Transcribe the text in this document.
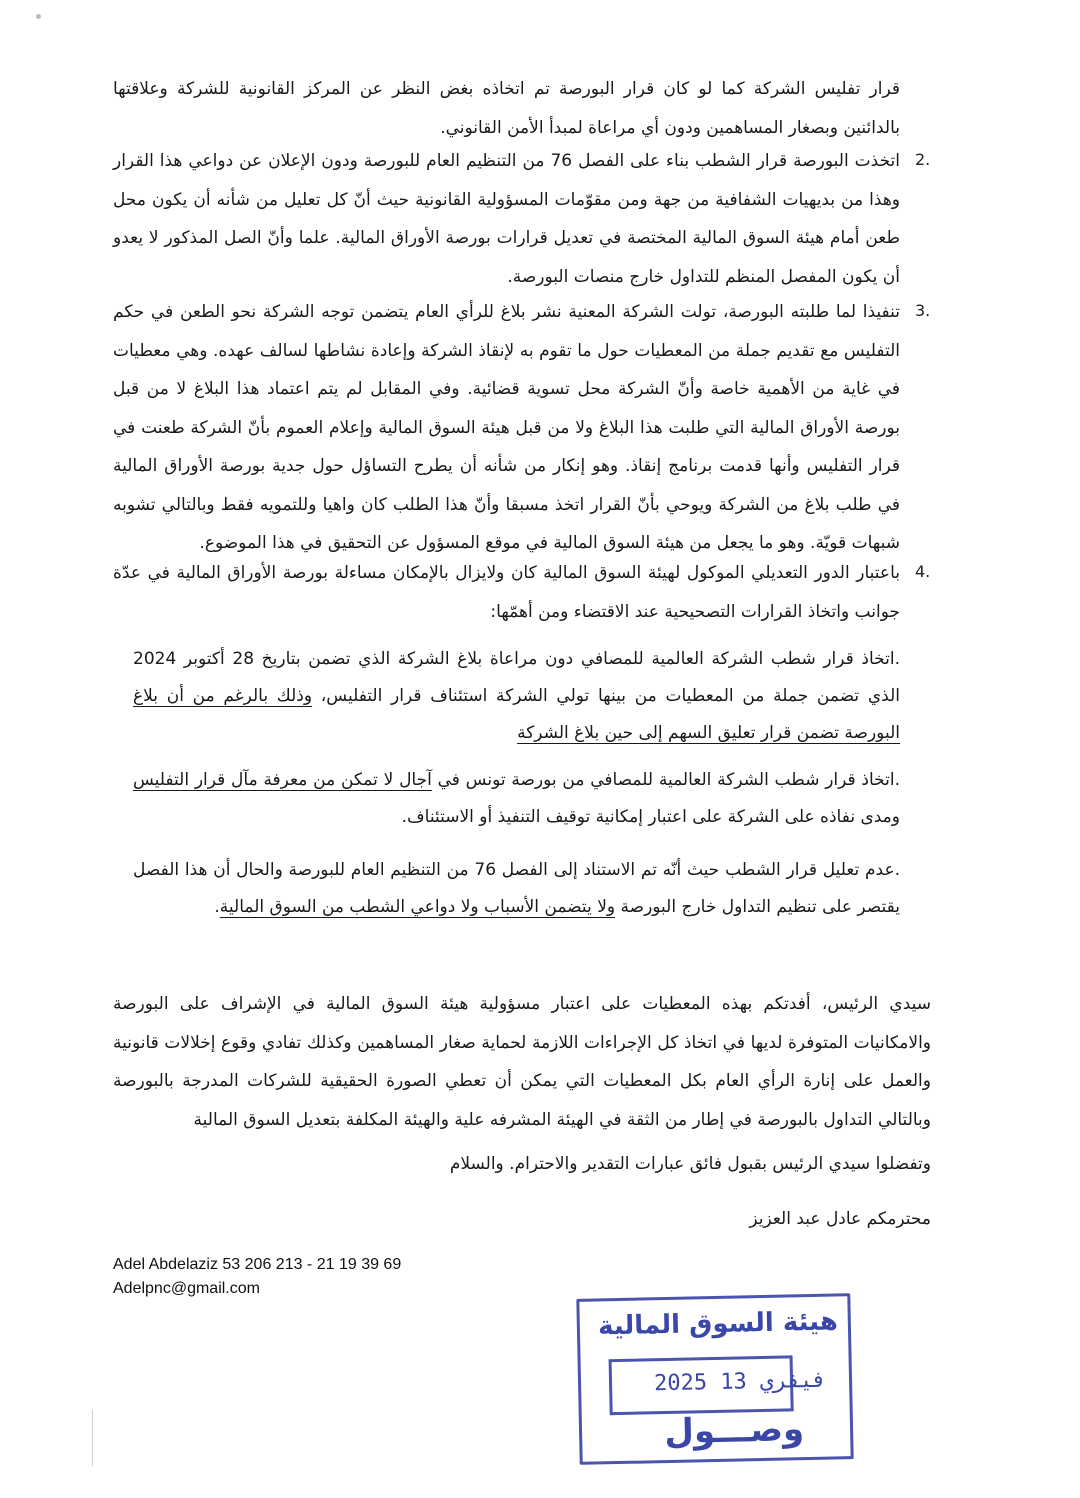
قرار تفليس الشركة كما لو كان قرار البورصة تم اتخاذه بغض النظر عن المركز القانونية للشركة وعلاقتها بالدائنين وبصغار المساهمين ودون أي مراعاة لمبدأ الأمن القانوني.

2.

اتخذت البورصة قرار الشطب بناء على الفصل 76 من التنظيم العام للبورصة ودون الإعلان عن دواعي هذا القرار وهذا من بديهيات الشفافية من جهة ومن مقوّمات المسؤولية القانونية حيث أنّ كل تعليل من شأنه أن يكون محل طعن أمام هيئة السوق المالية المختصة في تعديل قرارات بورصة الأوراق المالية. علما وأنّ الصل المذكور لا يعدو أن يكون المفصل المنظم للتداول خارج منصات البورصة.

3.

تنفيذا لما طلبته البورصة، تولت الشركة المعنية نشر بلاغ للرأي العام يتضمن توجه الشركة نحو الطعن في حكم التفليس مع تقديم جملة من المعطيات حول ما تقوم به لإنقاذ الشركة وإعادة نشاطها لسالف عهده. وهي معطيات في غاية من الأهمية خاصة وأنّ الشركة محل تسوية قضائية. وفي المقابل لم يتم اعتماد هذا البلاغ لا من قبل بورصة الأوراق المالية التي طلبت هذا البلاغ ولا من قبل هيئة السوق المالية وإعلام العموم بأنّ الشركة طعنت في قرار التفليس وأنها قدمت برنامج إنقاذ. وهو إنكار من شأنه أن يطرح التساؤل حول جدية بورصة الأوراق المالية في طلب بلاغ من الشركة ويوحي بأنّ القرار اتخذ مسبقا وأنّ هذا الطلب كان واهيا وللتمويه فقط وبالتالي تشوبه شبهات قويّة. وهو ما يجعل من هيئة السوق المالية في موقع المسؤول عن التحقيق في هذا الموضوع.

4.

باعتبار الدور التعديلي الموكول لهيئة السوق المالية كان ولايزال بالإمكان مساءلة بورصة الأوراق المالية في عدّة جوانب واتخاذ القرارات التصحيحية عند الاقتضاء ومن أهمّها:

.اتخاذ قرار شطب الشركة العالمية للمصافي دون مراعاة بلاغ الشركة الذي تضمن بتاريخ 28 أكتوبر 2024 الذي تضمن جملة من المعطيات من بينها تولي الشركة استئناف قرار التفليس، وذلك بالرغم من أن بلاغ البورصة تضمن قرار تعليق السهم إلى حين بلاغ الشركة

.اتخاذ قرار شطب الشركة العالمية للمصافي من بورصة تونس في آجال لا تمكن من معرفة مآل قرار التفليس ومدى نفاذه على الشركة على اعتبار إمكانية توقيف التنفيذ أو الاستئناف.

.عدم تعليل قرار الشطب حيث أنّه تم الاستناد إلى الفصل 76 من التنظيم العام للبورصة والحال أن هذا الفصل يقتصر على تنظيم التداول خارج البورصة ولا يتضمن الأسباب ولا دواعي الشطب من السوق المالية.

سيدي الرئيس، أفدتكم بهذه المعطيات على اعتبار مسؤولية هيئة السوق المالية في الإشراف على البورصة والامكانيات المتوفرة لديها في اتخاذ كل الإجراءات اللازمة لحماية صغار المساهمين وكذلك تفادي وقوع إخلالات قانونية والعمل على إنارة الرأي العام بكل المعطيات التي يمكن أن تعطي الصورة الحقيقية للشركات المدرجة بالبورصة وبالتالي التداول بالبورصة في إطار من الثقة في الهيئة المشرفه علية والهيئة المكلفة بتعديل السوق المالية

وتفضلوا سيدي الرئيس بقبول فائق عبارات التقدير والاحترام. والسلام
محترمكم عادل عبد العزيز
Adel Abdelaziz 53 206 213 - 21 19 39 69
Adelpnc@gmail.com
هيئة السوق المالية
2025 فيفري 13
وصـــول
